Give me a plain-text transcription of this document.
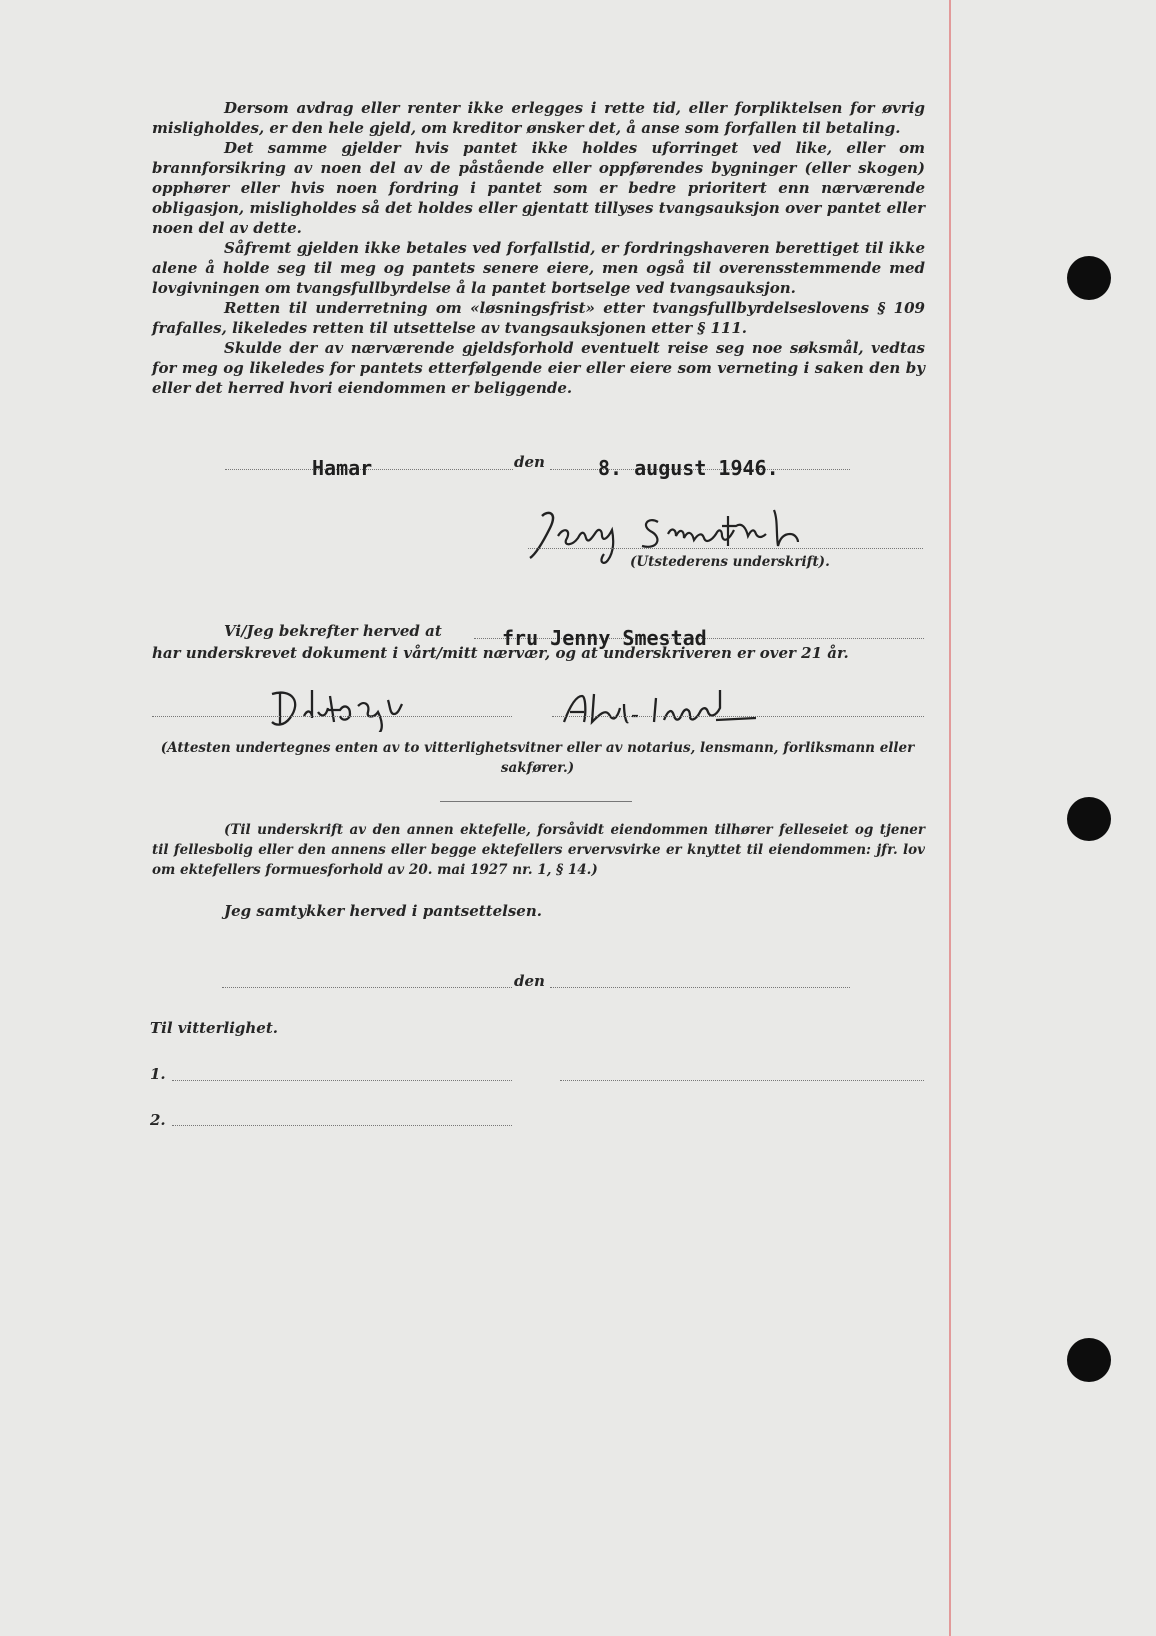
Dersom avdrag eller renter ikke erlegges i rette tid, eller forpliktelsen for øvrig misligholdes, er den hele gjeld, om kreditor ønsker det, å anse som forfallen til betaling.

Det samme gjelder hvis pantet ikke holdes uforringet ved like, eller om brannforsikring av noen del av de påstående eller oppførendes bygninger (eller skogen) opphører eller hvis noen fordring i pantet som er bedre prioritert enn nærværende obligasjon, misligholdes så det holdes eller gjentatt tillyses tvangsauksjon over pantet eller noen del av dette.

Såfremt gjelden ikke betales ved forfallstid, er fordringshaveren berettiget til ikke alene å holde seg til meg og pantets senere eiere, men også til overensstemmende med lovgivningen om tvangsfullbyrdelse å la pantet bortselge ved tvangsauksjon.

Retten til underretning om «løsningsfrist» etter tvangsfullbyrdelseslovens § 109 frafalles, likeledes retten til utsettelse av tvangsauksjonen etter § 111.

Skulde der av nærværende gjeldsforhold eventuelt reise seg noe søksmål, vedtas for meg og likeledes for pantets etterfølgende eier eller eiere som verneting i saken den by eller det herred hvori eiendommen er beliggende.

Hamar	den	8. august 1946.
(Utstederens underskrift).
Vi/Jeg bekrefter herved at	fru Jenny Smestad
har underskrevet dokument i vårt/mitt nærvær, og at underskriveren er over 21 år.
(Attesten undertegnes enten av to vitterlighetsvitner eller av notarius, lensmann, forliksmann eller sakfører.)
(Til underskrift av den annen ektefelle, forsåvidt eiendommen tilhører felleseiet og tjener til fellesbolig eller den annens eller begge ektefellers ervervsvirke er knyttet til eiendommen: jfr. lov om ektefellers formuesforhold av 20. mai 1927 nr. 1, § 14.)
Jeg samtykker herved i pantsettelsen.
den
Til vitterlighet.
1.
2.
